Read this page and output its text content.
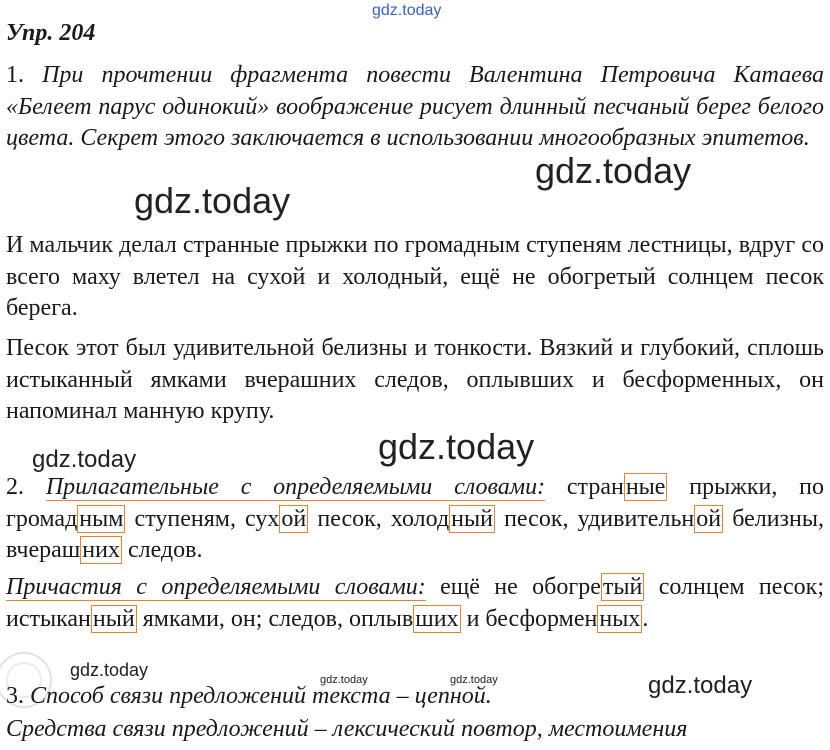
gdz.today
Упр. 204

1. При прочтении фрагмента повести Валентина Петровича Катаева «Белеет парус одинокий» воображение рисует длинный песчаный берег белого цвета. Секрет этого заключается в использовании многообразных эпитетов.

gdz.today
gdz.today

И мальчик делал странные прыжки по громадным ступеням лестницы, вдруг со всего маху влетел на сухой и холодный, ещё не обогретый солнцем песок берега.

Песок этот был удивительной белизны и тонкости. Вязкий и глубокий, сплошь истыканный ямками вчерашних следов, оплывших и бесформенных, он напоминал манную крупу.

gdz.today
gdz.today

2. Прилагательные с определяемыми словами: странные прыжки, по громадным ступеням, сухой песок, холодный песок, удивительной белизны, вчерашних следов.

Причастия с определяемыми словами: ещё не обогретый солнцем песок; истыканный ямками, он; следов, оплывших и бесформенных.

gdz.today
gdz.today	gdz.today	gdz.today

3. Способ связи предложений текста – цепной.

Средства связи предложений – лексический повтор, местоимения
